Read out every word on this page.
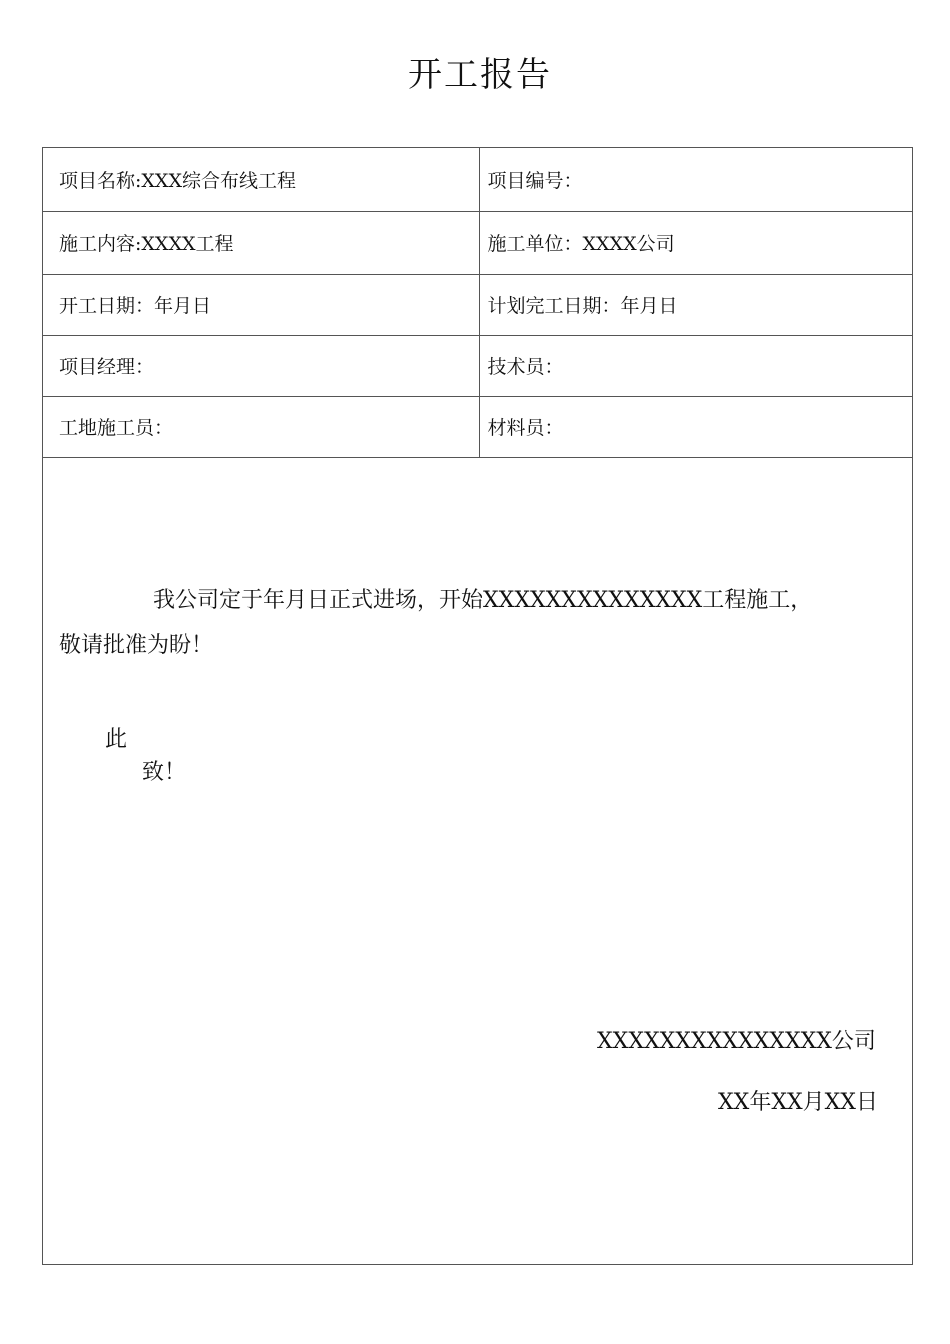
开工报告
项目名称:XXX综合布线工程	项目编号：
施工内容:XXXX工程	施工单位：XXXX公司
开工日期：年月日	计划完工日期：年月日
项目经理：	技术员：
工地施工员：	材料员：
我公司定于年月日正式进场，开始XXXXXXXXXXXXXX工程施工，
敬请批准为盼！
此
致！
XXXXXXXXXXXXXXX公司
XX年XX月XX日
